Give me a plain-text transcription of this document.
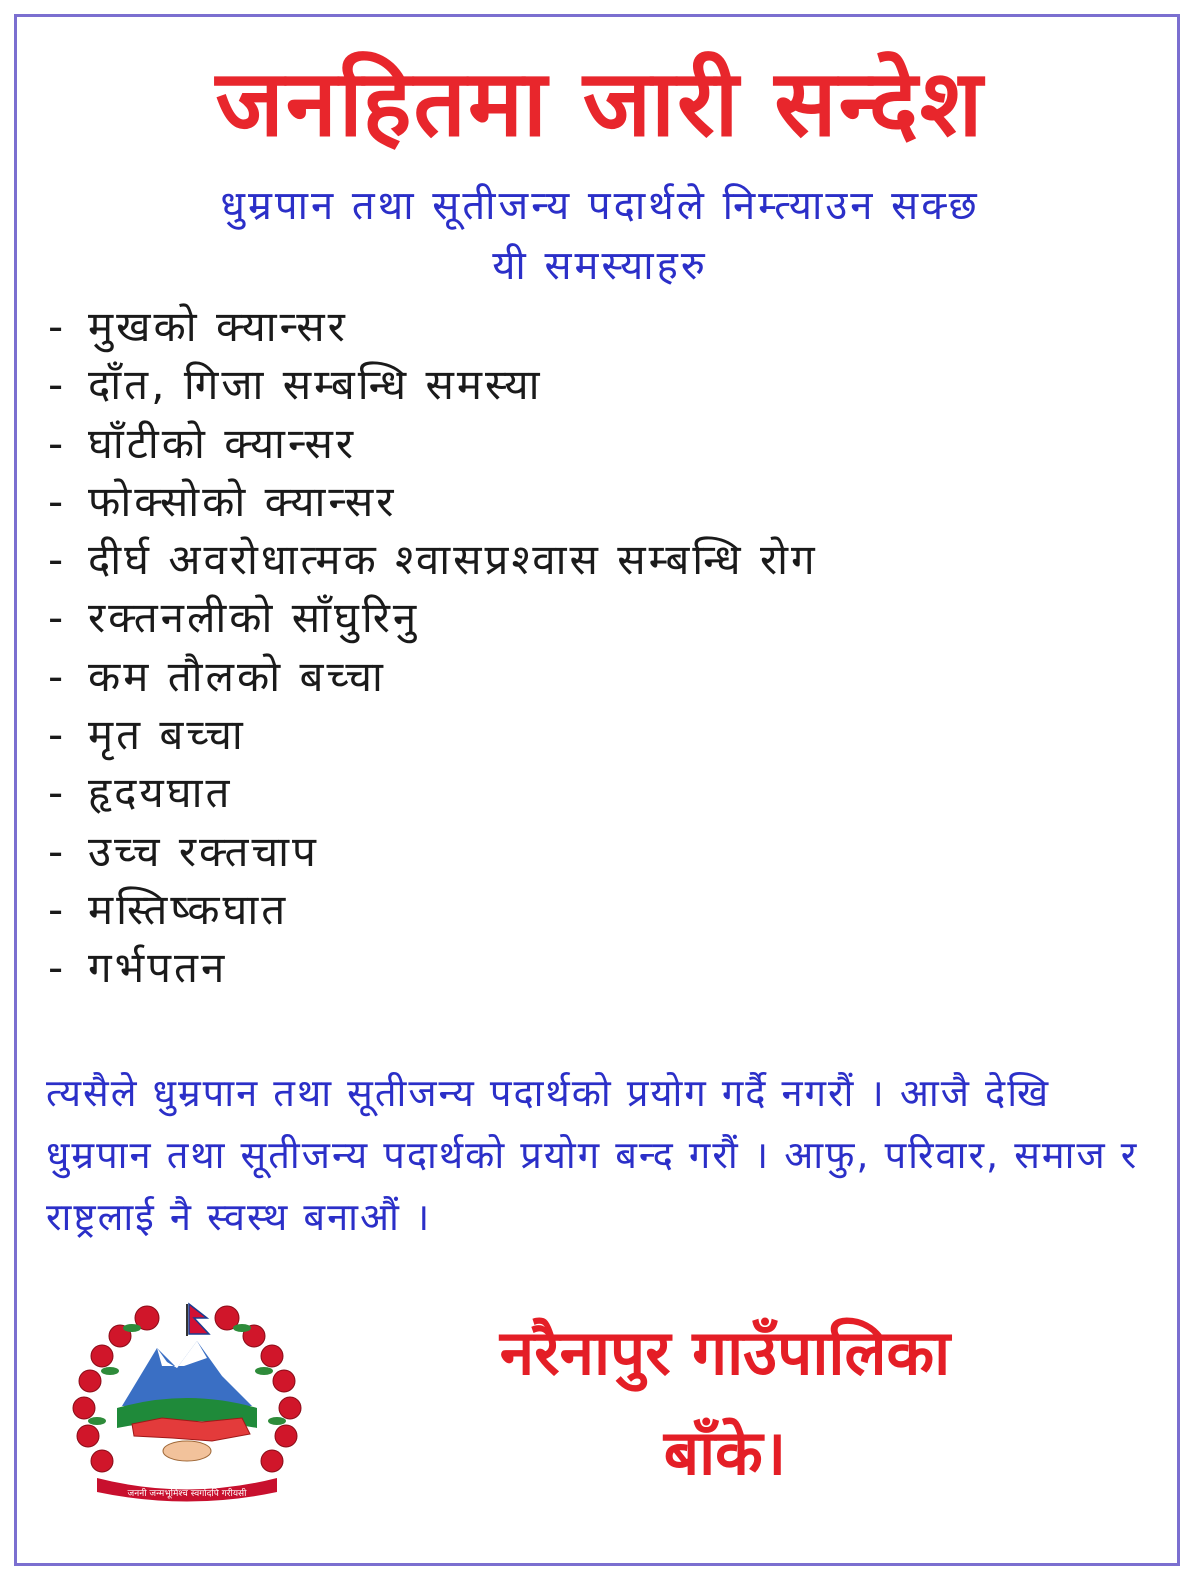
जनहितमा जारी सन्देश
धुम्रपान तथा सूतीजन्य पदार्थले निम्त्याउन सक्छ
यी समस्याहरु
- मुखको क्यान्सर
- दाँत, गिजा सम्बन्धि समस्या
- घाँटीको क्यान्सर
- फोक्सोको क्यान्सर
- दीर्घ अवरोधात्मक श्वासप्रश्वास सम्बन्धि रोग
- रक्तनलीको साँघुरिनु
- कम तौलको बच्चा
- मृत बच्चा
- हृदयघात
- उच्च रक्तचाप
- मस्तिष्कघात
- गर्भपतन

त्यसैले धुम्रपान तथा सूतीजन्य पदार्थको प्रयोग गर्दै नगरौं । आजै देखि धुम्रपान तथा सूतीजन्य पदार्थको प्रयोग बन्द गरौं । आफु, परिवार, समाज र राष्ट्रलाई नै स्वस्थ बनाऔं ।

जननी जन्मभूमिश्च स्वर्गादपि गरीयसी
नरैनापुर गाउँपालिका
बाँके।
